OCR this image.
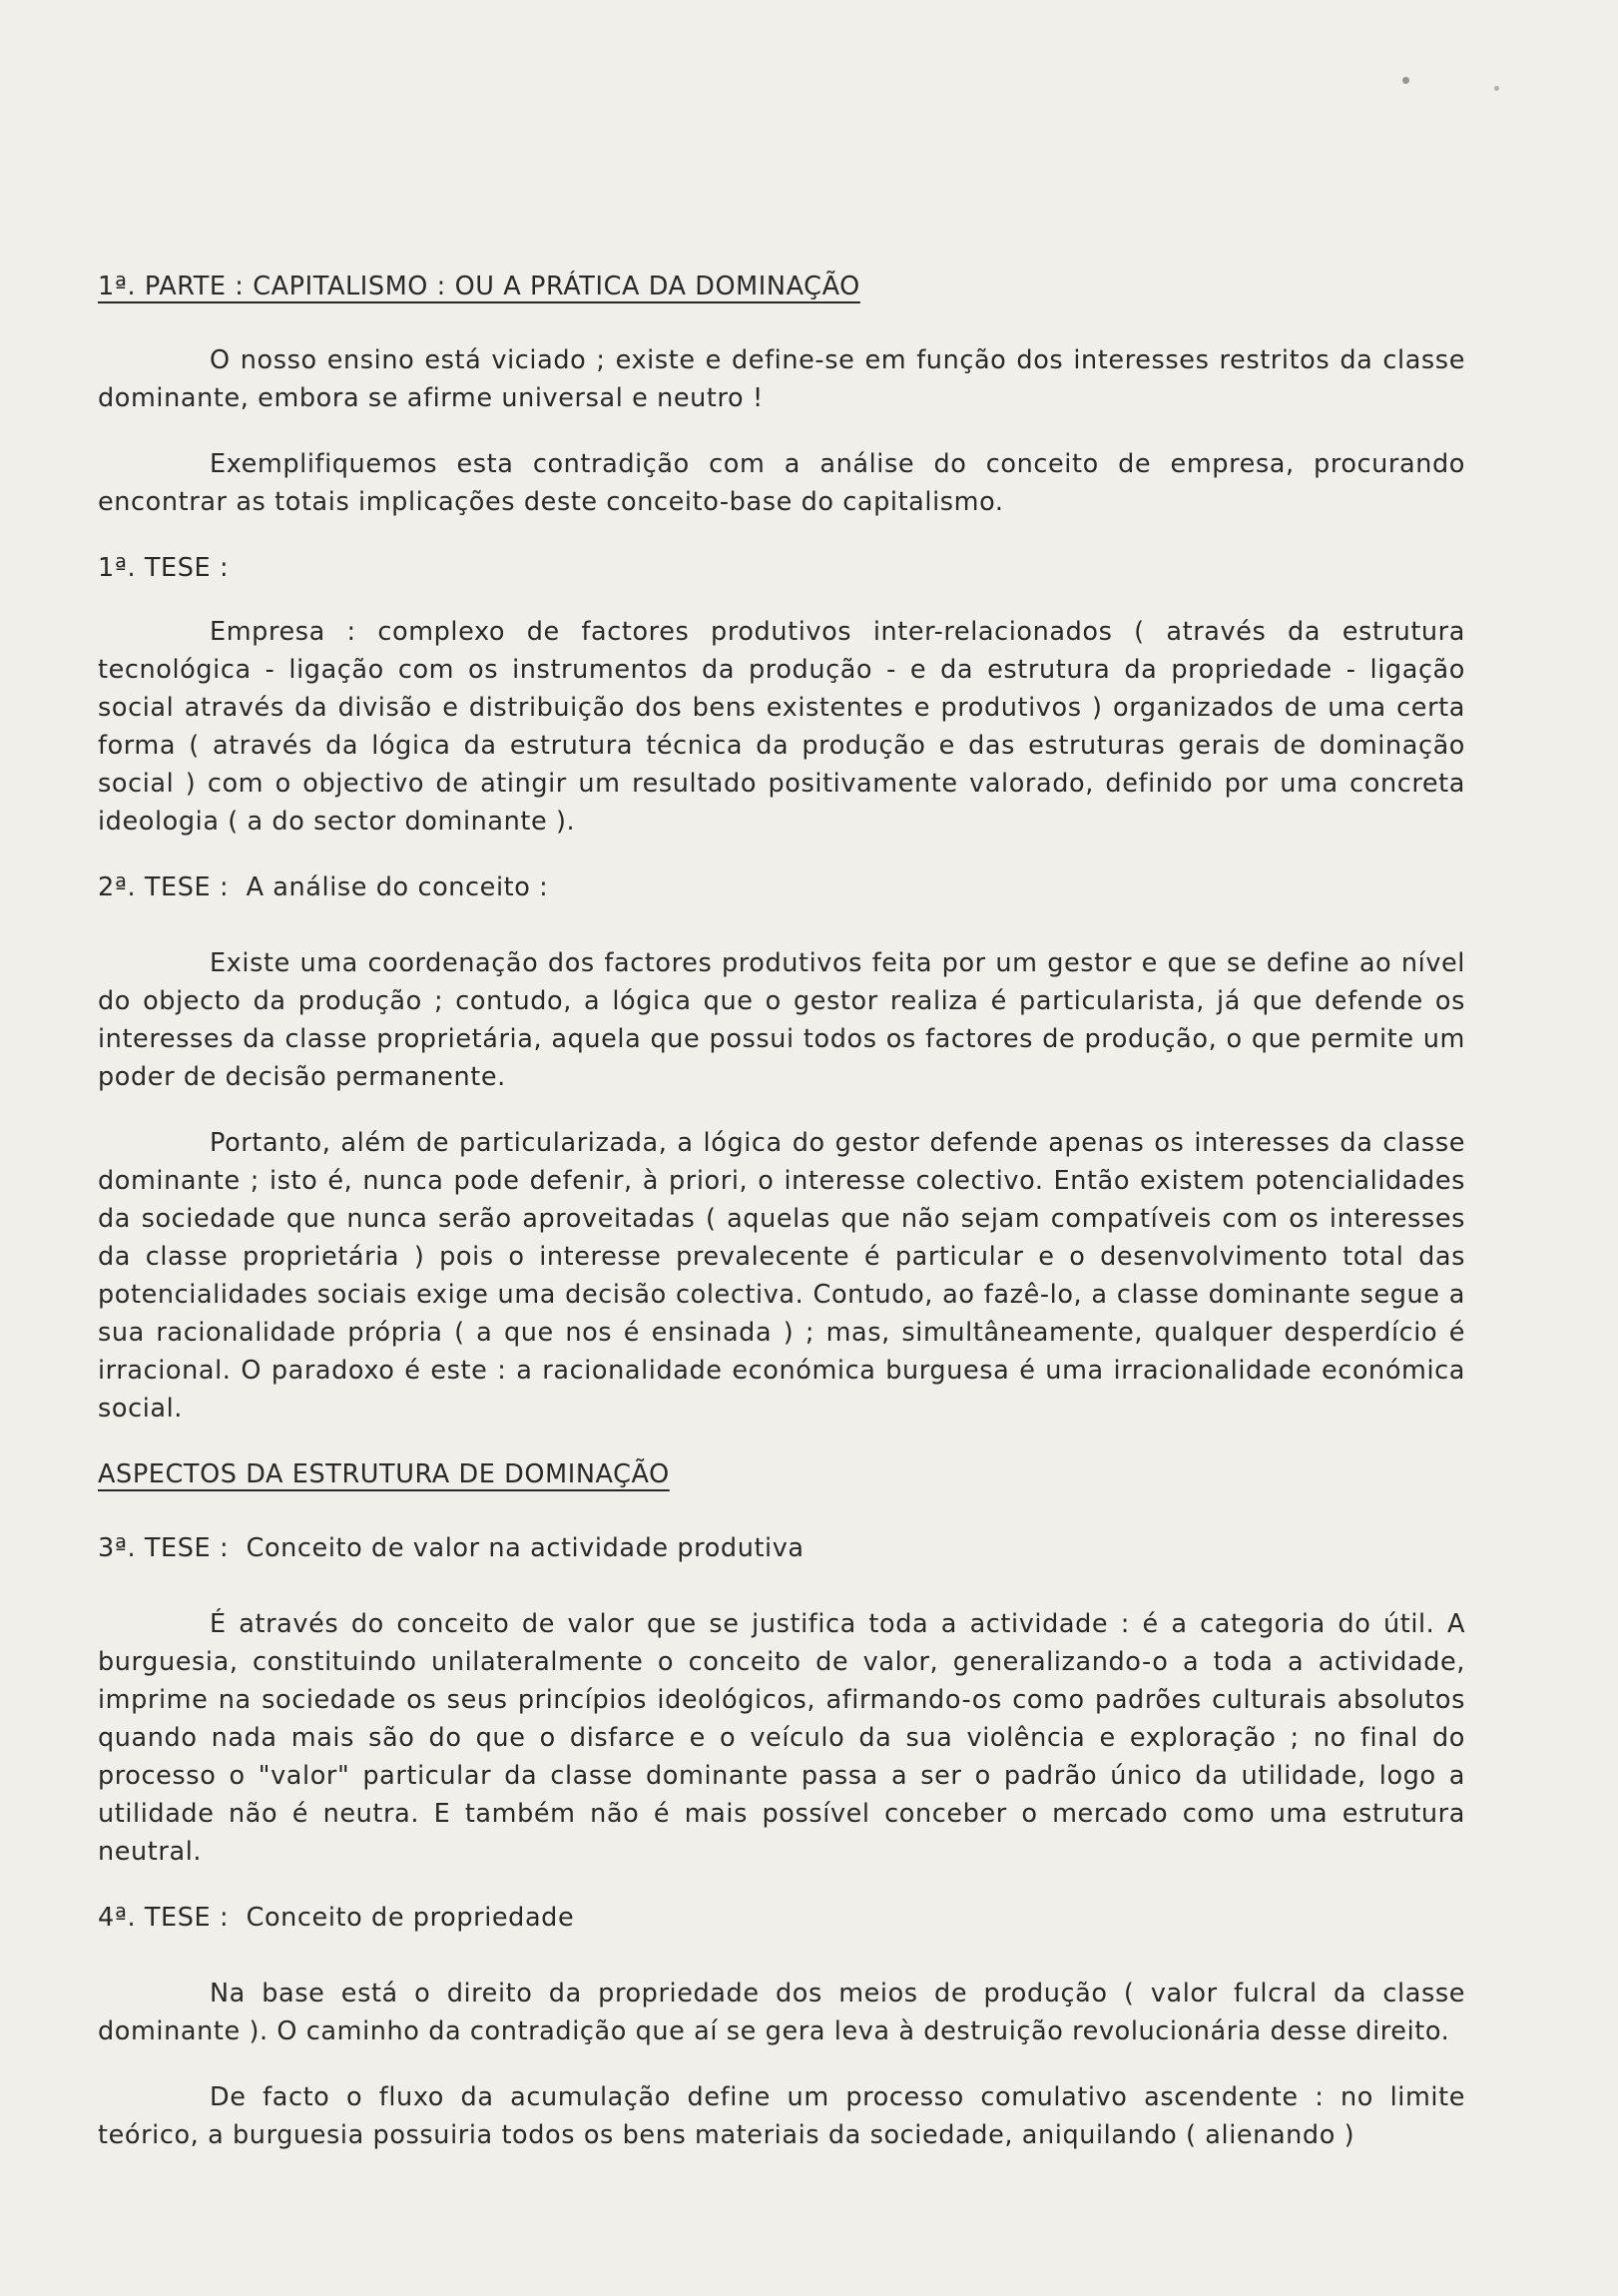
1ª. PARTE : CAPITALISMO : OU A PRÁTICA DA DOMINAÇÃO

O nosso ensino está viciado ; existe e define-se em função dos interesses restritos da classe dominante, embora se afirme universal e neutro !

Exemplifiquemos esta contradição com a análise do conceito de empresa, procurando encontrar as totais implicações deste conceito-base do capitalismo.

1ª. TESE :

Empresa : complexo de factores produtivos inter-relacionados ( através da estrutura tecnológica - ligação com os instrumentos da produção - e da estrutura da propriedade - ligação social através da divisão e distribuição dos bens existentes e produtivos ) organizados de uma certa forma ( através da lógica da estrutura técnica da produção e das estruturas gerais de dominação social ) com o objectivo de atingir um resultado positivamente valorado, definido por uma concreta ideologia ( a do sector dominante ).

2ª. TESE : A análise do conceito :

Existe uma coordenação dos factores produtivos feita por um gestor e que se define ao nível do objecto da produção ; contudo, a lógica que o gestor realiza é particularista, já que defende os interesses da classe proprietária, aquela que possui todos os factores de produção, o que permite um poder de decisão permanente.

Portanto, além de particularizada, a lógica do gestor defende apenas os interesses da classe dominante ; isto é, nunca pode defenir, à priori, o interesse colectivo. Então existem potencialidades da sociedade que nunca serão aproveitadas ( aquelas que não sejam compatíveis com os interesses da classe proprietária ) pois o interesse prevalecente é particular e o desenvolvimento total das potencialidades sociais exige uma decisão colectiva. Contudo, ao fazê-lo, a classe dominante segue a sua racionalidade própria ( a que nos é ensinada ) ; mas, simultâneamente, qualquer desperdício é irracional. O paradoxo é este : a racionalidade económica burguesa é uma irracionalidade económica social.

ASPECTOS DA ESTRUTURA DE DOMINAÇÃO
3ª. TESE : Conceito de valor na actividade produtiva

É através do conceito de valor que se justifica toda a actividade : é a categoria do útil. A burguesia, constituindo unilateralmente o conceito de valor, generalizando-o a toda a actividade, imprime na sociedade os seus princípios ideológicos, afirmando-os como padrões culturais absolutos quando nada mais são do que o disfarce e o veículo da sua violência e exploração ; no final do processo o "valor" particular da classe dominante passa a ser o padrão único da utilidade, logo a utilidade não é neutra. E também não é mais possível conceber o mercado como uma estrutura neutral.

4ª. TESE : Conceito de propriedade

Na base está o direito da propriedade dos meios de produção ( valor fulcral da classe dominante ). O caminho da contradição que aí se gera leva à destruição revolucionária desse direito.

De facto o fluxo da acumulação define um processo comulativo ascendente : no limite teórico, a burguesia possuiria todos os bens materiais da sociedade, aniquilando ( alienando )
